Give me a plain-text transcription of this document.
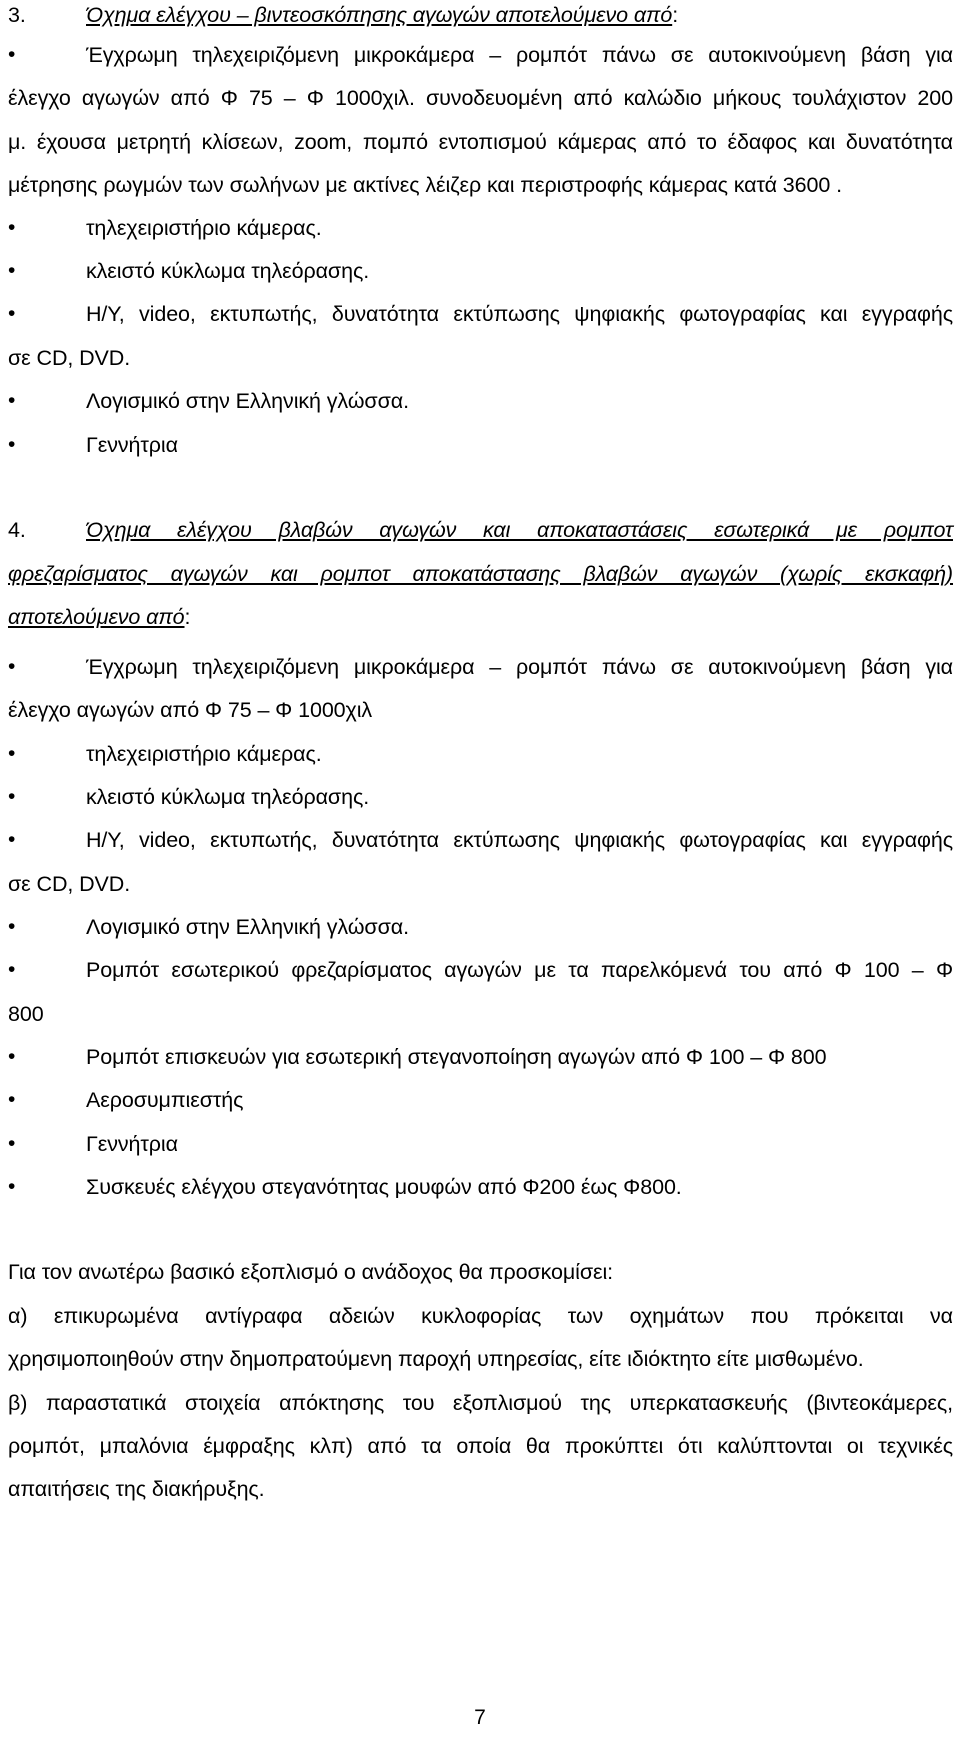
3.	Όχημα ελέγχου – βιντεοσκόπησης αγωγών αποτελούμενο από:
•	Έγχρωμη τηλεχειριζόμενη μικροκάμερα – ρομπότ πάνω σε αυτοκινούμενη βάση για
έλεγχο αγωγών από Φ 75 – Φ 1000χιλ. συνοδευομένη από καλώδιο μήκους τουλάχιστον 200
μ. έχουσα μετρητή κλίσεων, zoom, πομπό εντοπισμού κάμερας από το έδαφος και δυνατότητα
μέτρησης ρωγμών των σωλήνων με ακτίνες λέιζερ και περιστροφής κάμερας κατά 3600 .
•	τηλεχειριστήριο κάμερας.
•	κλειστό κύκλωμα τηλεόρασης.
•	Η/Υ, video, εκτυπωτής, δυνατότητα εκτύπωσης ψηφιακής φωτογραφίας και εγγραφής
σε CD, DVD.
•	Λογισμικό στην Ελληνική γλώσσα.
•	Γεννήτρια
4.	Όχημα ελέγχου βλαβών αγωγών και αποκαταστάσεις εσωτερικά με ρομποτ
φρεζαρίσματος αγωγών και ρομποτ αποκατάστασης βλαβών αγωγών (χωρίς εκσκαφή)
αποτελούμενο από:
•	Έγχρωμη τηλεχειριζόμενη μικροκάμερα – ρομπότ πάνω σε αυτοκινούμενη βάση για
έλεγχο αγωγών από Φ 75 – Φ 1000χιλ
•	τηλεχειριστήριο κάμερας.
•	κλειστό κύκλωμα τηλεόρασης.
•	Η/Υ, video, εκτυπωτής, δυνατότητα εκτύπωσης ψηφιακής φωτογραφίας και εγγραφής
σε CD, DVD.
•	Λογισμικό στην Ελληνική γλώσσα.
•	Ρομπότ εσωτερικού φρεζαρίσματος αγωγών με τα παρελκόμενά του από Φ 100 – Φ
800
•	Ρομπότ επισκευών για εσωτερική στεγανοποίηση αγωγών από Φ 100 – Φ 800
•	Αεροσυμπιεστής
•	Γεννήτρια
•	Συσκευές ελέγχου στεγανότητας μουφών από Φ200 έως Φ800.
Για τον ανωτέρω βασικό εξοπλισμό ο ανάδοχος θα προσκομίσει:
α) επικυρωμένα αντίγραφα αδειών κυκλοφορίας των οχημάτων που πρόκειται να
χρησιμοποιηθούν στην δημοπρατούμενη παροχή υπηρεσίας, είτε ιδιόκτητο είτε μισθωμένο.
β) παραστατικά στοιχεία απόκτησης του εξοπλισμού της υπερκατασκευής (βιντεοκάμερες,
ρομπότ, μπαλόνια έμφραξης κλπ) από τα οποία θα προκύπτει ότι καλύπτονται οι τεχνικές
απαιτήσεις της διακήρυξης.
7
